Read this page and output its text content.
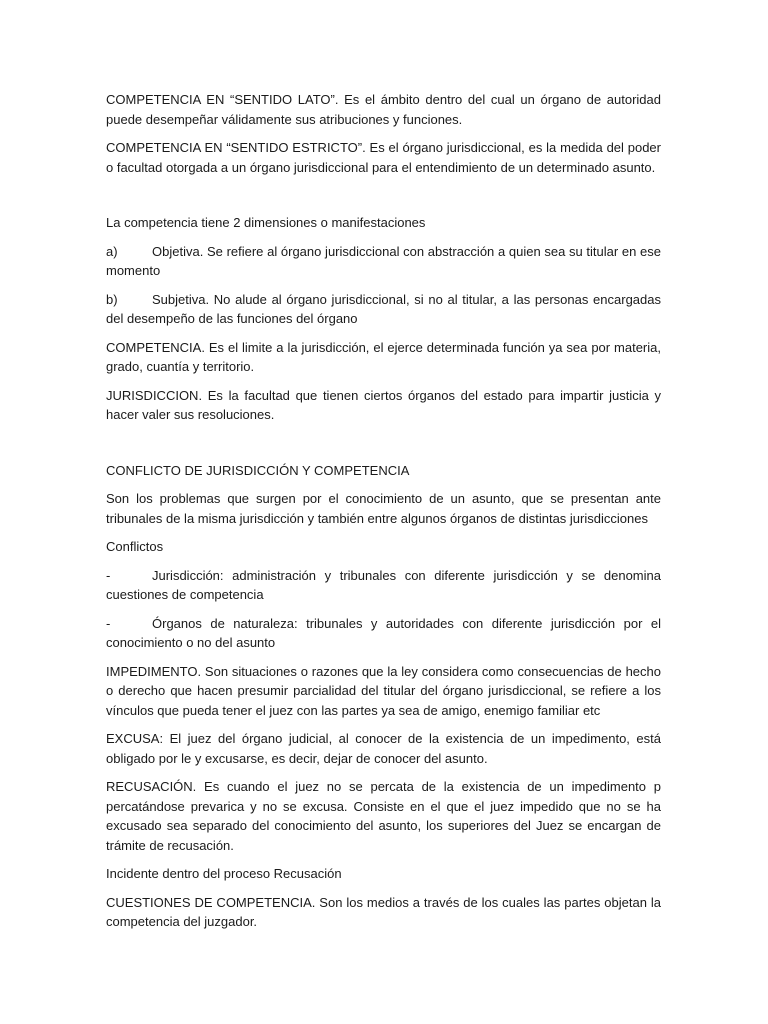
COMPETENCIA EN “SENTIDO LATO”. Es el ámbito dentro del cual un órgano de autoridad puede desempeñar válidamente sus atribuciones y funciones.

COMPETENCIA EN “SENTIDO ESTRICTO”. Es el órgano jurisdiccional, es la medida del poder o facultad otorgada a un órgano jurisdiccional para el entendimiento de un determinado asunto.

La competencia tiene 2 dimensiones o manifestaciones

a)	Objetiva. Se refiere al órgano jurisdiccional con abstracción a quien sea su titular en ese momento

b)	Subjetiva. No alude al órgano jurisdiccional, si no al titular, a las personas encargadas del desempeño de las funciones del órgano

COMPETENCIA. Es el limite a la jurisdicción, el ejerce determinada función ya sea por materia, grado, cuantía y territorio.

JURISDICCION. Es la facultad que tienen ciertos órganos del estado para impartir justicia y hacer valer sus resoluciones.

CONFLICTO DE JURISDICCIÓN Y COMPETENCIA

Son los problemas que surgen por el conocimiento de un asunto, que se presentan ante tribunales de la misma jurisdicción y también entre algunos órganos de distintas jurisdicciones

Conflictos

-	Jurisdicción: administración y tribunales con diferente jurisdicción y se denomina cuestiones de competencia

-	Órganos de naturaleza: tribunales y autoridades con diferente jurisdicción por el conocimiento o no del asunto

IMPEDIMENTO. Son situaciones o razones que la ley considera como consecuencias de hecho o derecho que hacen presumir parcialidad del titular del órgano jurisdiccional, se refiere a los vínculos que pueda tener el juez con las partes ya sea de amigo, enemigo familiar etc

EXCUSA: El juez del órgano judicial, al conocer de la existencia de un impedimento, está obligado por le y excusarse, es decir, dejar de conocer del asunto.

RECUSACIÓN. Es cuando el juez no se percata de la existencia de un impedimento p percatándose prevarica y no se excusa. Consiste en el que el juez impedido que no se ha excusado sea separado del conocimiento del asunto, los superiores del Juez se encargan de trámite de recusación.

Incidente dentro del proceso Recusación

CUESTIONES DE COMPETENCIA. Son los medios a través de los cuales las partes objetan la competencia del juzgador.
